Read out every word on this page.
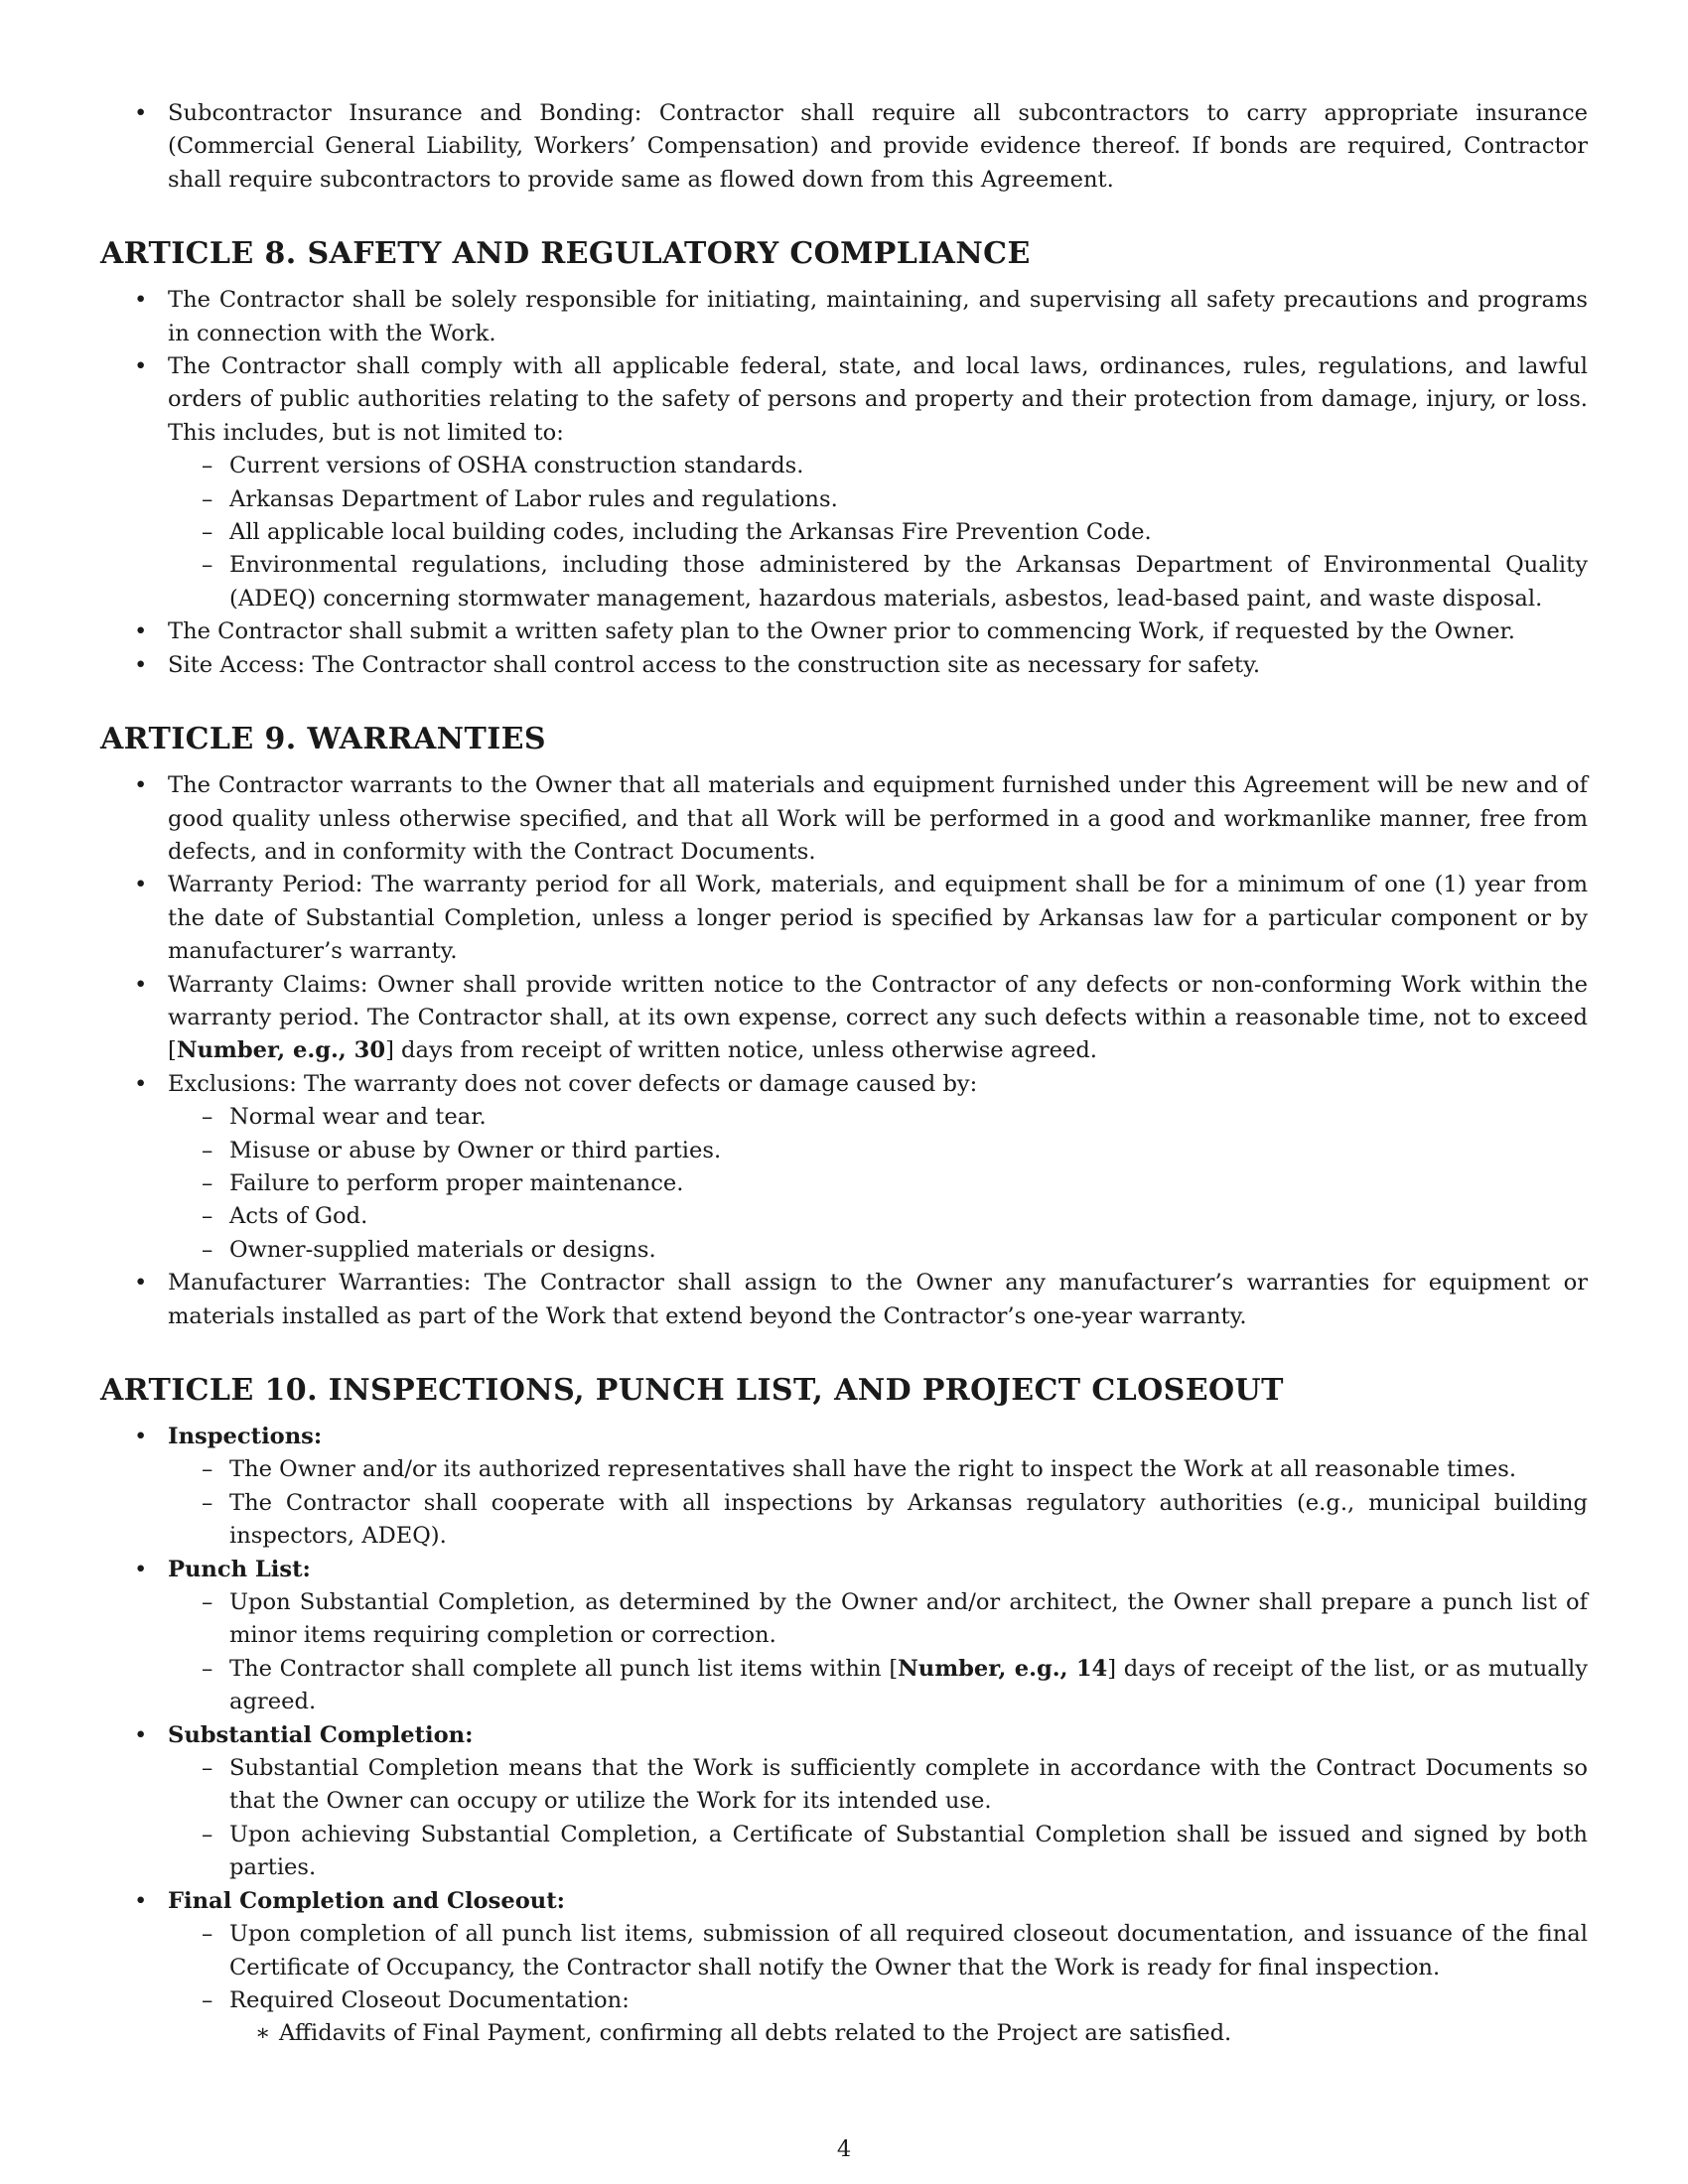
• Subcontractor Insurance and Bonding: Contractor shall require all subcontractors to carry appropriate insurance (Commercial General Liability, Workers’ Compensation) and provide evidence thereof. If bonds are required, Contractor shall require subcontractors to provide same as flowed down from this Agreement.
ARTICLE 8. SAFETY AND REGULATORY COMPLIANCE
• The Contractor shall be solely responsible for initiating, maintaining, and supervising all safety precautions and programs in connection with the Work.
• The Contractor shall comply with all applicable federal, state, and local laws, ordinances, rules, regulations, and lawful orders of public authorities relating to the safety of persons and property and their protection from damage, injury, or loss. This includes, but is not limited to:
– Current versions of OSHA construction standards.
– Arkansas Department of Labor rules and regulations.
– All applicable local building codes, including the Arkansas Fire Prevention Code.
– Environmental regulations, including those administered by the Arkansas Department of Environmental Quality (ADEQ) concerning stormwater management, hazardous materials, asbestos, lead-based paint, and waste disposal.
• The Contractor shall submit a written safety plan to the Owner prior to commencing Work, if requested by the Owner.
• Site Access: The Contractor shall control access to the construction site as necessary for safety.
ARTICLE 9. WARRANTIES
• The Contractor warrants to the Owner that all materials and equipment furnished under this Agreement will be new and of good quality unless otherwise specified, and that all Work will be performed in a good and workmanlike manner, free from defects, and in conformity with the Contract Documents.
• Warranty Period: The warranty period for all Work, materials, and equipment shall be for a minimum of one (1) year from the date of Substantial Completion, unless a longer period is specified by Arkansas law for a particular component or by manufacturer’s warranty.
• Warranty Claims: Owner shall provide written notice to the Contractor of any defects or non-conforming Work within the warranty period. The Contractor shall, at its own expense, correct any such defects within a reasonable time, not to exceed [Number, e.g., 30] days from receipt of written notice, unless otherwise agreed.
• Exclusions: The warranty does not cover defects or damage caused by:
– Normal wear and tear.
– Misuse or abuse by Owner or third parties.
– Failure to perform proper maintenance.
– Acts of God.
– Owner-supplied materials or designs.
• Manufacturer Warranties: The Contractor shall assign to the Owner any manufacturer’s warranties for equipment or materials installed as part of the Work that extend beyond the Contractor’s one-year warranty.
ARTICLE 10. INSPECTIONS, PUNCH LIST, AND PROJECT CLOSEOUT
• Inspections:
– The Owner and/or its authorized representatives shall have the right to inspect the Work at all reasonable times.
– The Contractor shall cooperate with all inspections by Arkansas regulatory authorities (e.g., municipal building inspectors, ADEQ).
• Punch List:
– Upon Substantial Completion, as determined by the Owner and/or architect, the Owner shall prepare a punch list of minor items requiring completion or correction.
– The Contractor shall complete all punch list items within [Number, e.g., 14] days of receipt of the list, or as mutually agreed.
• Substantial Completion:
– Substantial Completion means that the Work is sufficiently complete in accordance with the Contract Documents so that the Owner can occupy or utilize the Work for its intended use.
– Upon achieving Substantial Completion, a Certificate of Substantial Completion shall be issued and signed by both parties.
• Final Completion and Closeout:
– Upon completion of all punch list items, submission of all required closeout documentation, and issuance of the final Certificate of Occupancy, the Contractor shall notify the Owner that the Work is ready for final inspection.
– Required Closeout Documentation:
∗ Affidavits of Final Payment, confirming all debts related to the Project are satisfied.
4
